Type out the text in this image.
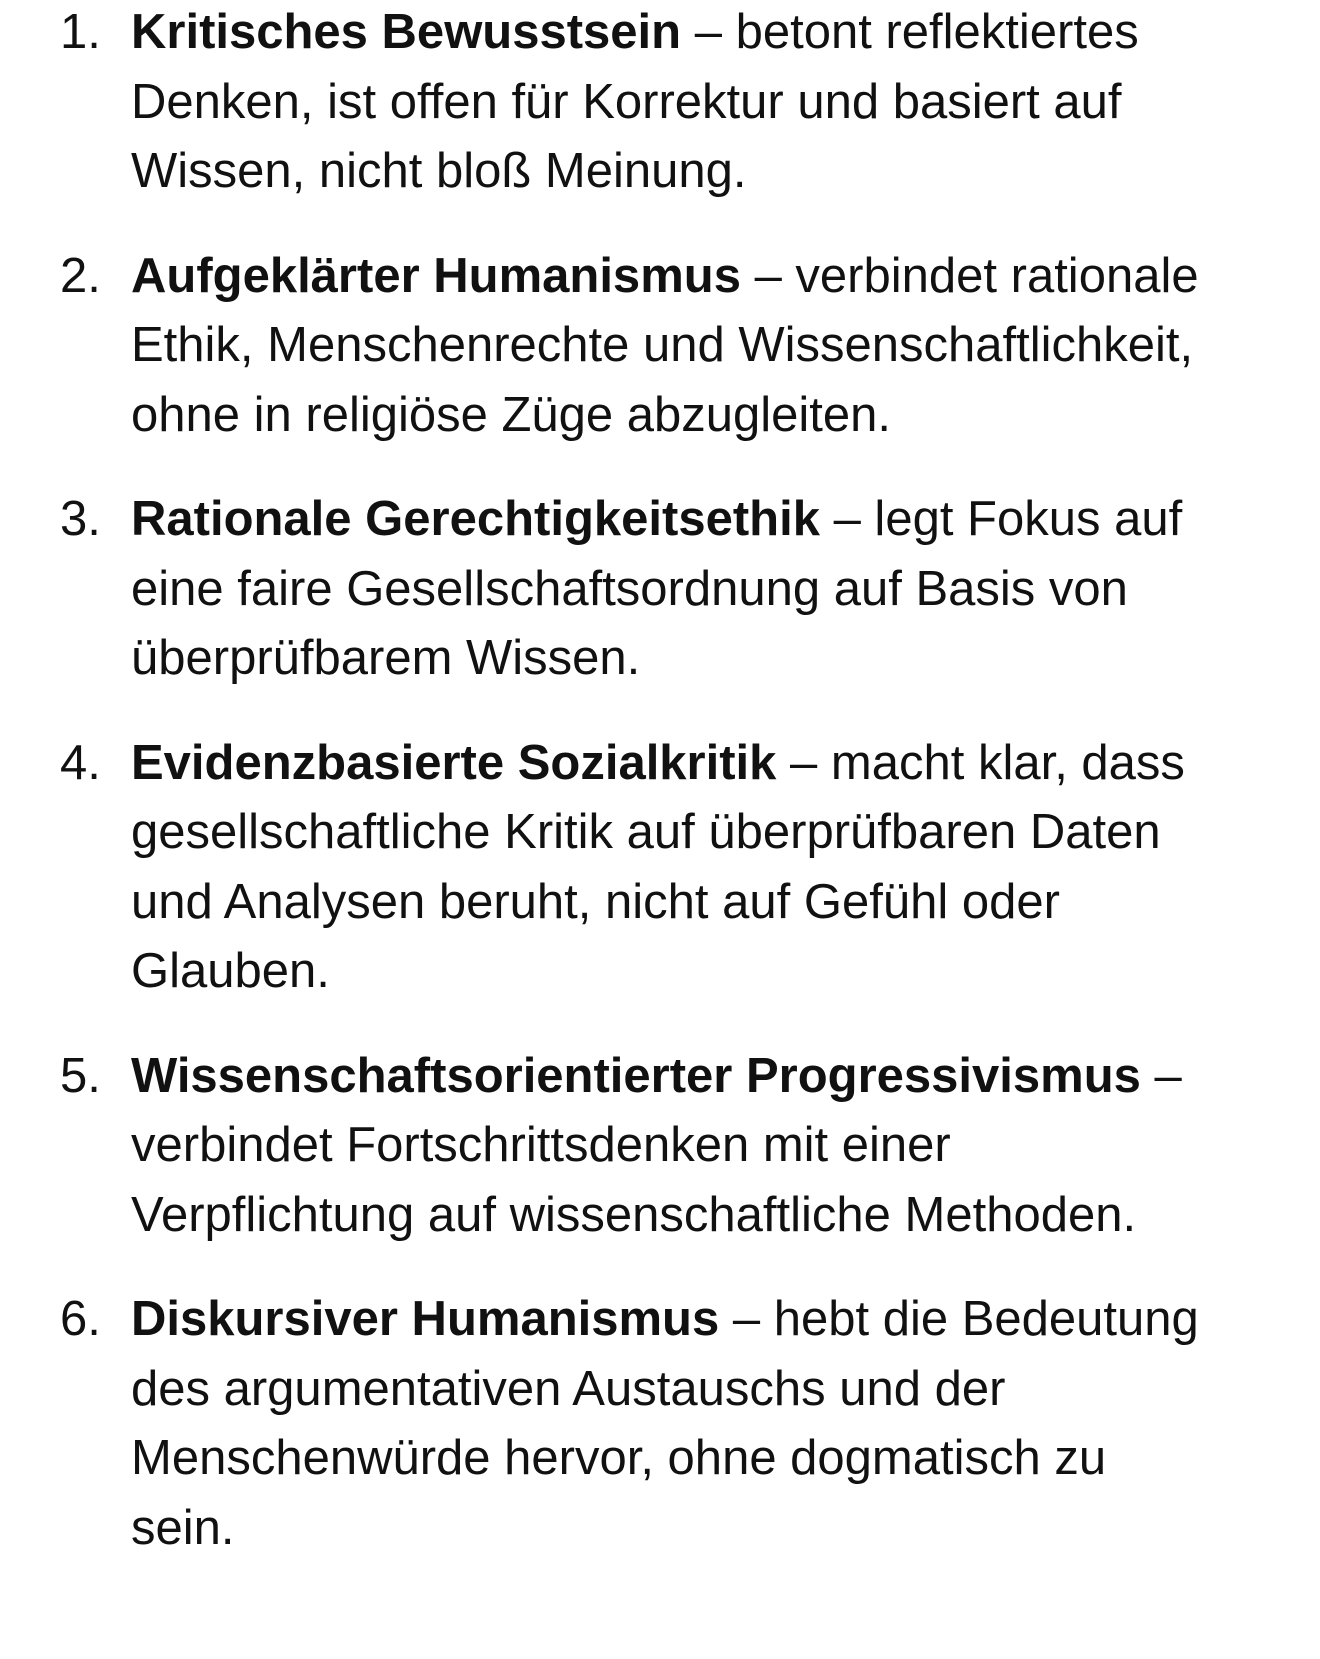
1. Kritisches Bewusstsein – betont reflektiertes Denken, ist offen für Korrektur und basiert auf Wissen, nicht bloß Meinung.
2. Aufgeklärter Humanismus – verbindet rationale Ethik, Menschenrechte und Wissenschaftlichkeit, ohne in religiöse Züge abzugleiten.
3. Rationale Gerechtigkeitsethik – legt Fokus auf eine faire Gesellschaftsordnung auf Basis von überprüfbarem Wissen.
4. Evidenzbasierte Sozialkritik – macht klar, dass gesellschaftliche Kritik auf überprüfbaren Daten und Analysen beruht, nicht auf Gefühl oder Glauben.
5. Wissenschaftsorientierter Progressivismus – verbindet Fortschrittsdenken mit einer Verpflichtung auf wissenschaftliche Methoden.
6. Diskursiver Humanismus – hebt die Bedeutung des argumentativen Austauschs und der Menschenwürde hervor, ohne dogmatisch zu sein.
